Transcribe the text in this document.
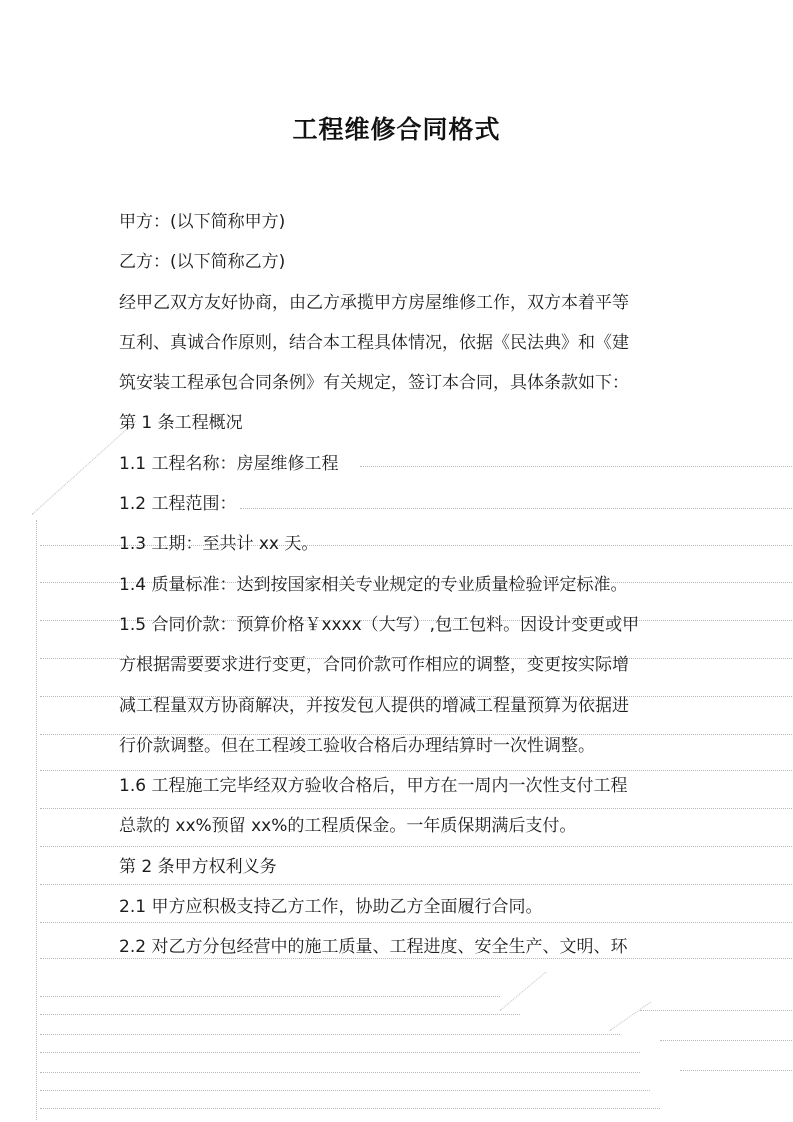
工程维修合同格式
甲方：(以下简称甲方)
乙方：(以下简称乙方)
经甲乙双方友好协商，由乙方承揽甲方房屋维修工作，双方本着平等
互利、真诚合作原则，结合本工程具体情况，依据《民法典》和《建
筑安装工程承包合同条例》有关规定，签订本合同，具体条款如下：
第 1 条工程概况
1.1 工程名称：房屋维修工程
1.2 工程范围：
1.3 工期：至共计 xx 天。
1.4 质量标准：达到按国家相关专业规定的专业质量检验评定标准。
1.5 合同价款：预算价格￥xxxx（大写）,包工包料。因设计变更或甲
方根据需要要求进行变更，合同价款可作相应的调整，变更按实际增
减工程量双方协商解决，并按发包人提供的增减工程量预算为依据进
行价款调整。但在工程竣工验收合格后办理结算时一次性调整。
1.6 工程施工完毕经双方验收合格后，甲方在一周内一次性支付工程
总款的 xx%预留 xx%的工程质保金。一年质保期满后支付。
第 2 条甲方权利义务
2.1 甲方应积极支持乙方工作，协助乙方全面履行合同。
2.2 对乙方分包经营中的施工质量、工程进度、安全生产、文明、环
